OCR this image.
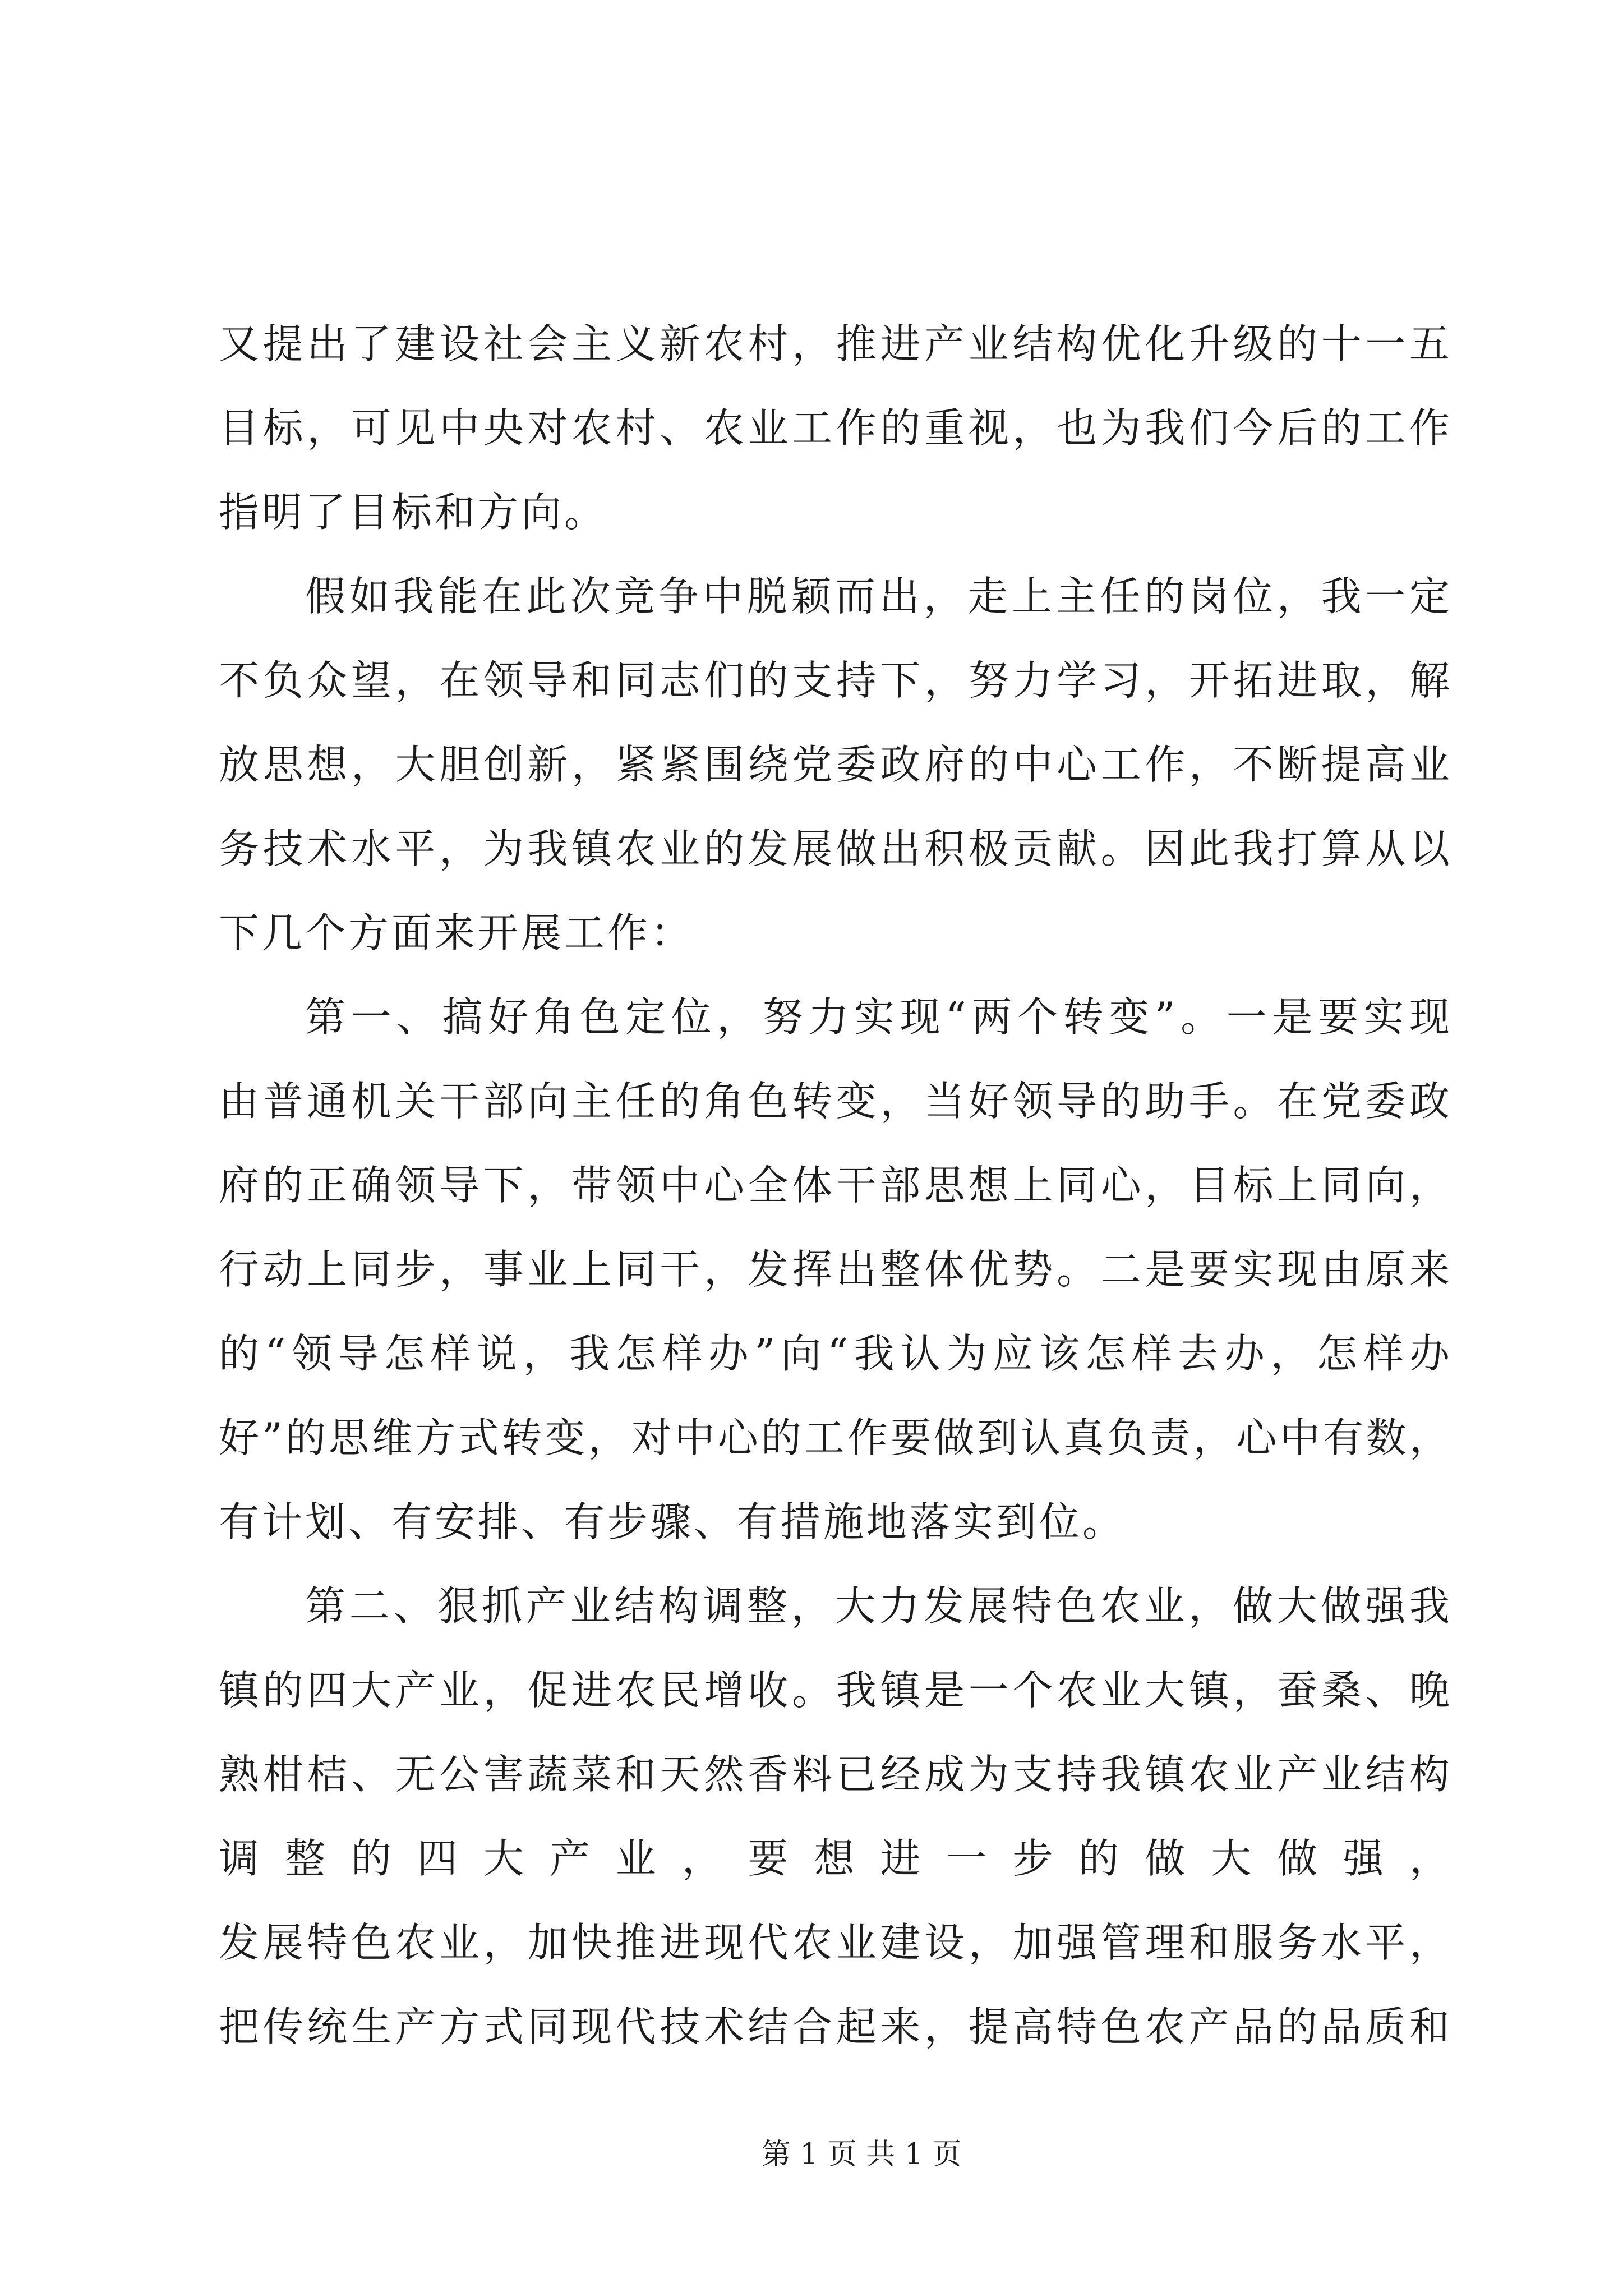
又提出了建设社会主义新农村，推进产业结构优化升级的十一五
目标，可见中央对农村、农业工作的重视，也为我们今后的工作
指明了目标和方向。
假如我能在此次竞争中脱颖而出，走上主任的岗位，我一定
不负众望，在领导和同志们的支持下，努力学习，开拓进取，解
放思想，大胆创新，紧紧围绕党委政府的中心工作，不断提高业
务技术水平，为我镇农业的发展做出积极贡献。因此我打算从以
下几个方面来开展工作：
第一、搞好角色定位，努力实现“两个转变”。一是要实现
由普通机关干部向主任的角色转变，当好领导的助手。在党委政
府的正确领导下，带领中心全体干部思想上同心，目标上同向，
行动上同步，事业上同干，发挥出整体优势。二是要实现由原来
的“领导怎样说，我怎样办”向“我认为应该怎样去办，怎样办
好”的思维方式转变，对中心的工作要做到认真负责，心中有数，
有计划、有安排、有步骤、有措施地落实到位。
第二、狠抓产业结构调整，大力发展特色农业，做大做强我
镇的四大产业，促进农民增收。我镇是一个农业大镇，蚕桑、晚
熟柑桔、无公害蔬菜和天然香料已经成为支持我镇农业产业结构
调整的四大产业，要想进一步的做大做强，
发展特色农业，加快推进现代农业建设，加强管理和服务水平，
把传统生产方式同现代技术结合起来，提高特色农产品的品质和
第 1 页 共 1 页
